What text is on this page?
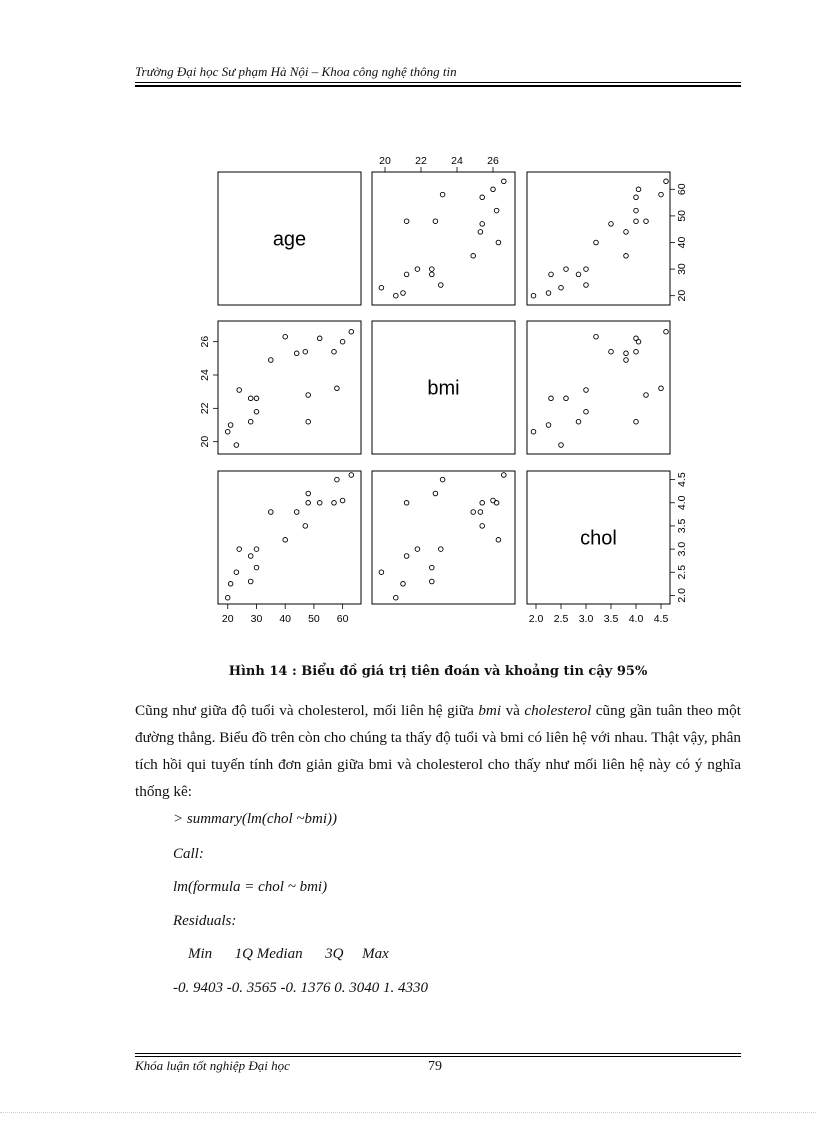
Trường Đại học Sư phạm Hà Nội – Khoa công nghệ thông tin
age
bmi
chol
20 22 24 26
20 30 40 50 60	2.0 2.5 3.0 3.5 4.0 4.5
20
22
24
26
20
30
40
50
60
2.0
2.5
3.0
3.5
4.0
4.5
Hình 14 : Biểu đồ giá trị tiên đoán và khoảng tin cậy 95%
Cũng như giữa độ tuổi và cholesterol, mối liên hệ giữa bmi và cholesterol cũng gần tuân theo một đường thẳng. Biểu đồ trên còn cho chúng ta thấy độ tuổi và bmi có liên hệ với nhau. Thật vậy, phân tích hồi qui tuyến tính đơn giản giữa bmi và cholesterol cho thấy như mối liên hệ này có ý nghĩa thống kê:
> summary(lm(chol ~bmi))
Call:
lm(formula = chol ~ bmi)
Residuals:
Min      1Q Median      3Q     Max
-0. 9403 -0. 3565 -0. 1376 0. 3040 1. 4330
Khóa luận tốt nghiệp Đại học	79
